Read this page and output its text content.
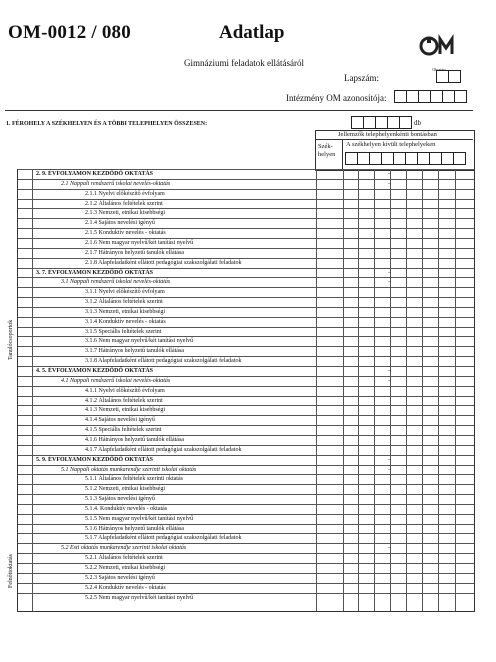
OM-0012 / 080	Adatlap
Gimnáziumi feladatok ellátásáról
Oktatási
Lapszám:
Intézmény OM azonosítója:
1. FÉROHELY A SZÉKHELYEN ÉS A TÖBBI TELEPHELYEN ÖSSZESEN:	db
Jellemzők telephelyenkénti bontásban
Szék-helyen
A székhelyen kívüli telephelyeken
2. 9. ÉVFOLYAMON KEZDŐDŐ OKTATÁS	–
2.1 Nappali rendszerű iskolai nevelés-oktatás	–
2.1.1 Nyelvi előkészítő évfolyam
2.1.2 Általános feltételek szerint
2.1.3 Nemzeti, etnikai kisebbségi
2.1.4 Sajátos nevelési igényű
2.1.5 Konduktív nevelés - oktatás
2.1.6 Nem magyar nyelvű/két tanítási nyelvű
2.1.7 Hátrányos helyzetű tanulók ellátása
2.1.8 Alapfeladatként ellátott pedagógiai szakszolgálati feladatok
3. 7. ÉVFOLYAMON KEZDŐDŐ OKTATÁS	–
3.1 Nappali rendszerű iskolai nevelés-oktatás	–
3.1.1 Nyelvi előkészítő évfolyam
3.1.2 Általános feltételek szerint
3.1.3 Nemzeti, etnikai kisebbségi
3.1.4 Konduktív nevelés - oktatás
3.1.5 Speciális feltételek szerint
3.1.6 Nem magyar nyelvű/két tanítási nyelvű
3.1.7 Hátrányos helyzetű tanulók ellátása
3.1.8 Alapfeladatként ellátott pedagógiai szakszolgálati feladatok
4. 5. ÉVFOLYAMON KEZDŐDŐ OKTATÁS	–
4.1 Nappali rendszerű iskolai nevelés-oktatás	–
4.1.1 Nyelvi előkészítő évfolyam
4.1.2 Általános feltételek szerint
4.1.3 Nemzeti, etnikai kisebbségi
4.1.4 Sajátos nevelési igényű
4.1.5 Speciális feltételek szerint
4.1.6 Hátrányos helyzetű tanulók ellátása
4.1.7 Alapfeladatként ellátott pedagógiai szakszolgálati feladatok
5. 9. ÉVFOLYAMON KEZDŐDŐ OKTATÁS	–
5.1 Nappali oktatás munkarendje szerinti iskolai oktatás	–
5.1.1 Általános feltételek szerinti oktatás
5.1.2 Nemzeti, etnikai kisebbségi
5.1.3 Sajátos nevelési igényű
5.1.4. Konduktív nevelés - oktatás
5.1.5 Nem magyar nyelvű/két tanítási nyelvű
5.1.6 Hátrányos helyzetű tanulók ellátása
5.1.7 Alapfeladatként ellátott pedagógiai szakszolgálati feladatok
5.2 Esti oktatás munkarendje szerinti iskolai oktatás	–
5.2.1 Általános feltételek szerint
5.2.2 Nemzeti, etnikai kisebbségi
5.2.3 Sajátos nevelési igényű
5.2.4 Konduktív nevelés - oktatás
5.2.5 Nem magyar nyelvű/két tanítási nyelvű
Tanulócsoportok
Felnőttoktatás
